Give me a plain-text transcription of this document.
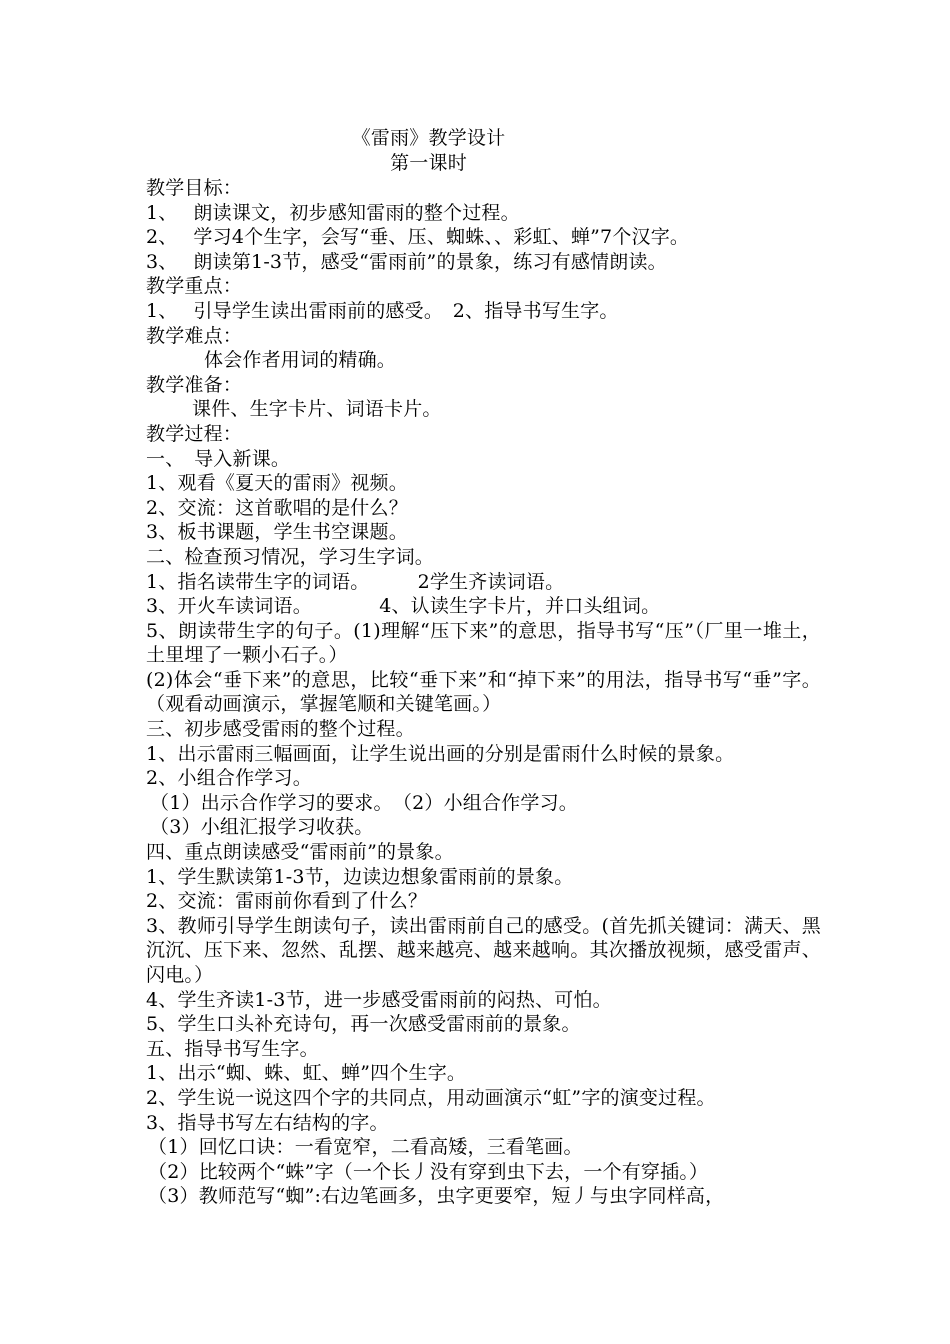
《雷雨》教学设计
第一课时
教学目标：
1、　 朗读课文，初步感知雷雨的整个过程。
2、　 学习4个生字，会写“垂、压、蜘蛛、、彩虹、蝉”7个汉字。
3、　 朗读第1-3节，感受“雷雨前”的景象，练习有感情朗读。
教学重点：
1、　 引导学生读出雷雨前的感受。　2、指导书写生字。
教学难点：
体会作者用词的精确。
教学准备：
课件、生字卡片、词语卡片。
教学过程：
一、　导入新课。
1、观看《夏天的雷雨》视频。
2、交流：这首歌唱的是什么？
3、板书课题，学生书空课题。
二、检查预习情况，学习生字词。
1、指名读带生字的词语。　　　2学生齐读词语。
3、开火车读词语。　　　　4、认读生字卡片，并口头组词。
5、朗读带生字的句子。(1)理解“压下来”的意思，指导书写“压”（厂里一堆土，土里埋了一颗小石子。）
(2)体会“垂下来”的意思，比较“垂下来”和“掉下来”的用法，指导书写“垂”字。（观看动画演示，掌握笔顺和关键笔画。）
三、初步感受雷雨的整个过程。
1、出示雷雨三幅画面，让学生说出画的分别是雷雨什么时候的景象。
2、小组合作学习。
（1）出示合作学习的要求。　（2）小组合作学习。
（3）小组汇报学习收获。
四、重点朗读感受“雷雨前”的景象。
1、学生默读第1-3节，边读边想象雷雨前的景象。
2、交流：雷雨前你看到了什么？
3、教师引导学生朗读句子，读出雷雨前自己的感受。(首先抓关键词：满天、黑沉沉、压下来、忽然、乱摆、越来越亮、越来越响。其次播放视频，感受雷声、闪电。）
4、学生齐读1-3节，进一步感受雷雨前的闷热、可怕。
5、学生口头补充诗句，再一次感受雷雨前的景象。
五、指导书写生字。
1、出示“蜘、蛛、虹、蝉”四个生字。
2、学生说一说这四个字的共同点，用动画演示“虹”字的演变过程。
3、指导书写左右结构的字。
（1）回忆口诀：一看宽窄，二看高矮，三看笔画。
（2）比较两个“蛛”字（一个长丿没有穿到虫下去，一个有穿插。）
（3）教师范写“蜘”:右边笔画多，虫字更要窄，短丿与虫字同样高，
